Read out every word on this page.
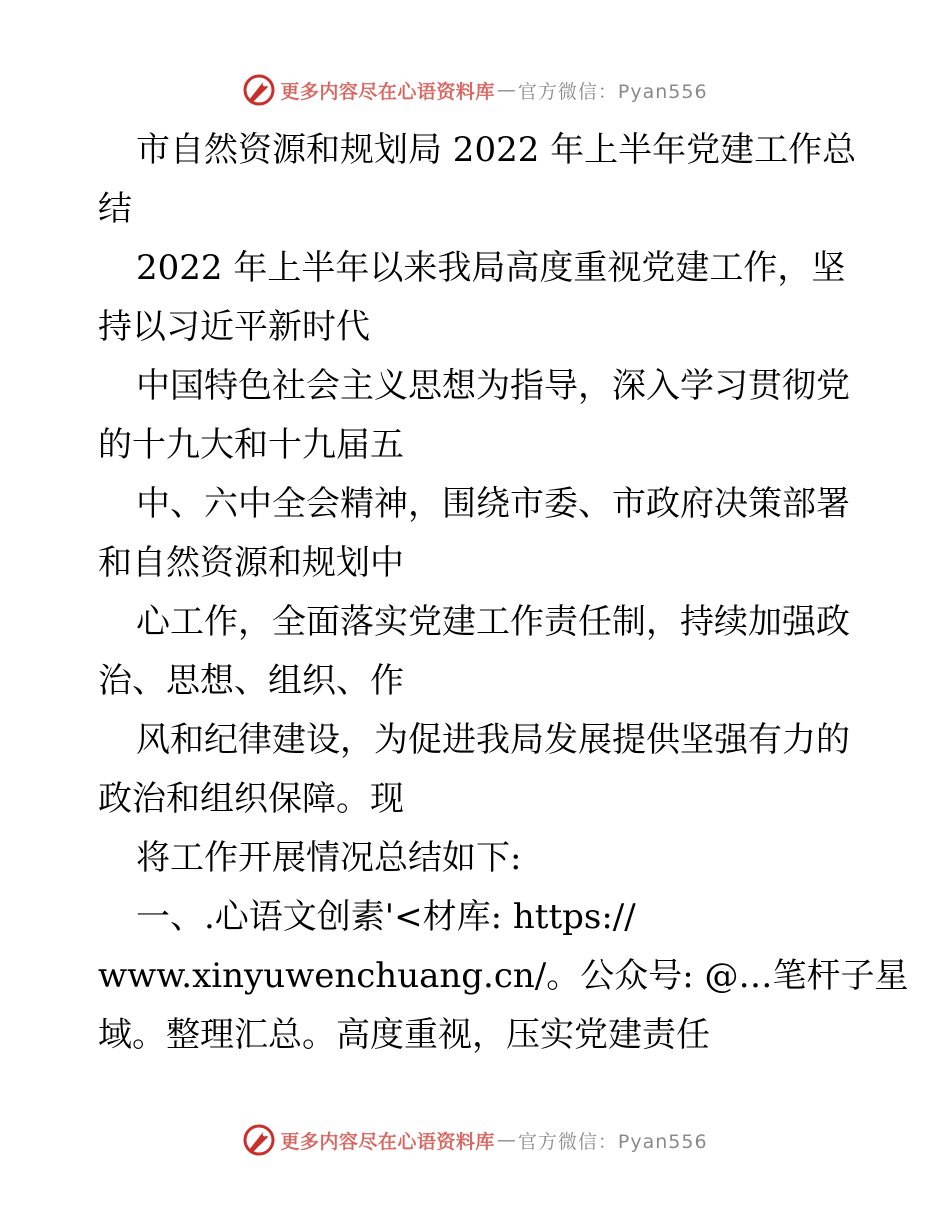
更多内容尽在心语资料库 — 官方微信：Pyan556
市自然资源和规划局 2022 年上半年党建工作总
结
2022 年上半年以来我局高度重视党建工作，坚
持以习近平新时代
中国特色社会主义思想为指导，深入学习贯彻党
的十九大和十九届五
中、六中全会精神，围绕市委、市政府决策部署
和自然资源和规划中
心工作，全面落实党建工作责任制，持续加强政
治、思想、组织、作
风和纪律建设，为促进我局发展提供坚强有力的
政治和组织保障。现
将工作开展情况总结如下:
一、.心语文创素'<材库: https://
www.xinyuwenchuang.cn/。公众号: @…笔杆子星
域。整理汇总。高度重视，压实党建责任
更多内容尽在心语资料库 — 官方微信：Pyan556
